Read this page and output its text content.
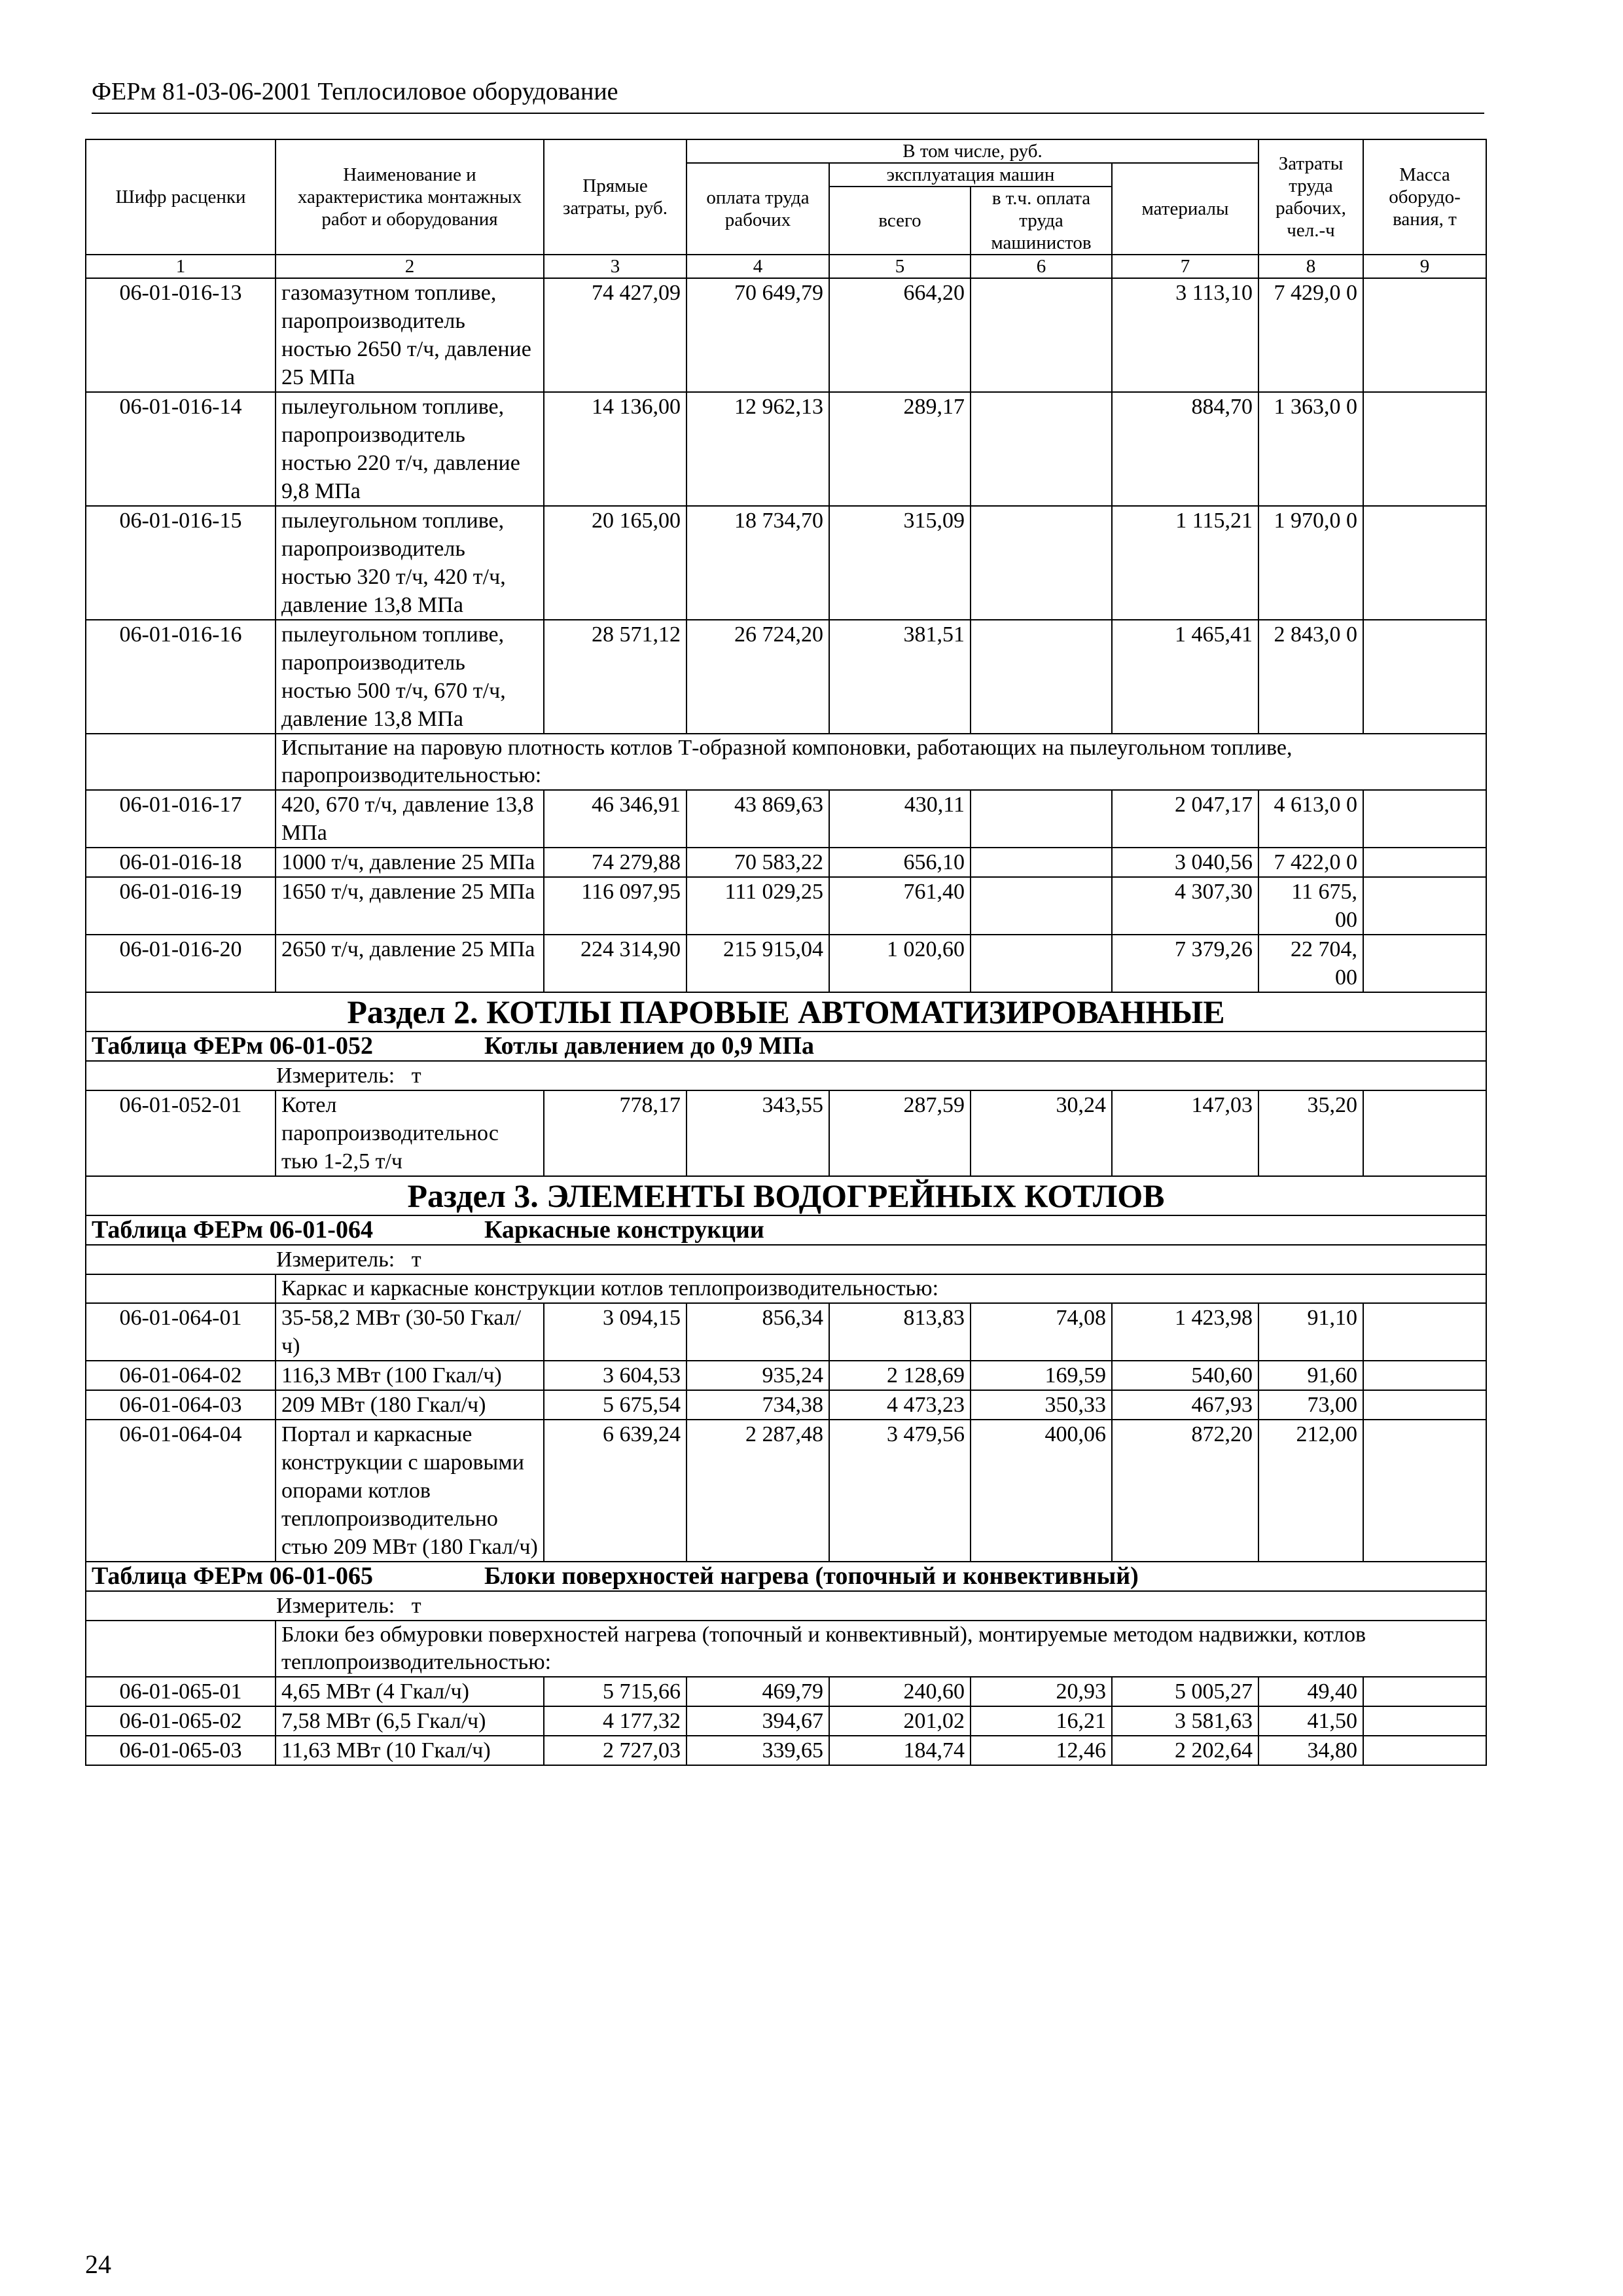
ФЕРм 81-03-06-2001 Теплосиловое оборудование
Шифр расценки	Наименование и характеристика монтажных работ и оборудования	Прямые затраты, руб.	В том числе, руб.				Затраты труда рабочих, чел.-ч	Масса оборудо-вания, т
			оплата труда рабочих	эксплуатация машин		материалы		
				всего	в т.ч. оплата труда машинистов			
1	2	3	4	5	6	7	8	9
06-01-016-13	газомазутном топливе, паропроизводитель ностью 2650 т/ч, давление 25 МПа	74 427,09	70 649,79	664,20		3 113,10	7 429,0 0	
06-01-016-14	пылеугольном топливе, паропроизводитель ностью 220 т/ч, давление 9,8 МПа	14 136,00	12 962,13	289,17		884,70	1 363,0 0	
06-01-016-15	пылеугольном топливе, паропроизводитель ностью 320 т/ч, 420 т/ч, давление 13,8 МПа	20 165,00	18 734,70	315,09		1 115,21	1 970,0 0	
06-01-016-16	пылеугольном топливе, паропроизводитель ностью 500 т/ч, 670 т/ч, давление 13,8 МПа	28 571,12	26 724,20	381,51		1 465,41	2 843,0 0	
	Испытание на паровую плотность котлов Т-образной компоновки, работающих на пылеугольном топливе, паропроизводительностью:							
06-01-016-17	420, 670 т/ч, давление 13,8 МПа	46 346,91	43 869,63	430,11		2 047,17	4 613,0 0	
06-01-016-18	1000 т/ч, давление 25 МПа	74 279,88	70 583,22	656,10		3 040,56	7 422,0 0	
06-01-016-19	1650 т/ч, давление 25 МПа	116 097,95	111 029,25	761,40		4 307,30	11 675, 00	
06-01-016-20	2650 т/ч, давление 25 МПа	224 314,90	215 915,04	1 020,60		7 379,26	22 704, 00	
Раздел 2. КОТЛЫ ПАРОВЫЕ АВТОМАТИЗИРОВАННЫЕ								
Таблица ФЕРм 06-01-052 Котлы давлением до 0,9 МПа								
Измеритель: т								
06-01-052-01	Котел паропроизводительнос тью 1-2,5 т/ч	778,17	343,55	287,59	30,24	147,03	35,20	
Раздел 3. ЭЛЕМЕНТЫ ВОДОГРЕЙНЫХ КОТЛОВ								
Таблица ФЕРм 06-01-064 Каркасные конструкции								
Измеритель: т								
	Каркас и каркасные конструкции котлов теплопроизводительностью:							
06-01-064-01	35-58,2 МВт (30-50 Гкал/ч)	3 094,15	856,34	813,83	74,08	1 423,98	91,10	
06-01-064-02	116,3 МВт (100 Гкал/ч)	3 604,53	935,24	2 128,69	169,59	540,60	91,60	
06-01-064-03	209 МВт (180 Гкал/ч)	5 675,54	734,38	4 473,23	350,33	467,93	73,00	
06-01-064-04	Портал и каркасные конструкции с шаровыми опорами котлов теплопроизводительно стью 209 МВт (180 Гкал/ч)	6 639,24	2 287,48	3 479,56	400,06	872,20	212,00	
Таблица ФЕРм 06-01-065 Блоки поверхностей нагрева (топочный и конвективный)								
Измеритель: т								
	Блоки без обмуровки поверхностей нагрева (топочный и конвективный), монтируемые методом надвижки, котлов теплопроизводительностью:							
06-01-065-01	4,65 МВт (4 Гкал/ч)	5 715,66	469,79	240,60	20,93	5 005,27	49,40	
06-01-065-02	7,58 МВт (6,5 Гкал/ч)	4 177,32	394,67	201,02	16,21	3 581,63	41,50	
06-01-065-03	11,63 МВт (10 Гкал/ч)	2 727,03	339,65	184,74	12,46	2 202,64	34,80	
24
